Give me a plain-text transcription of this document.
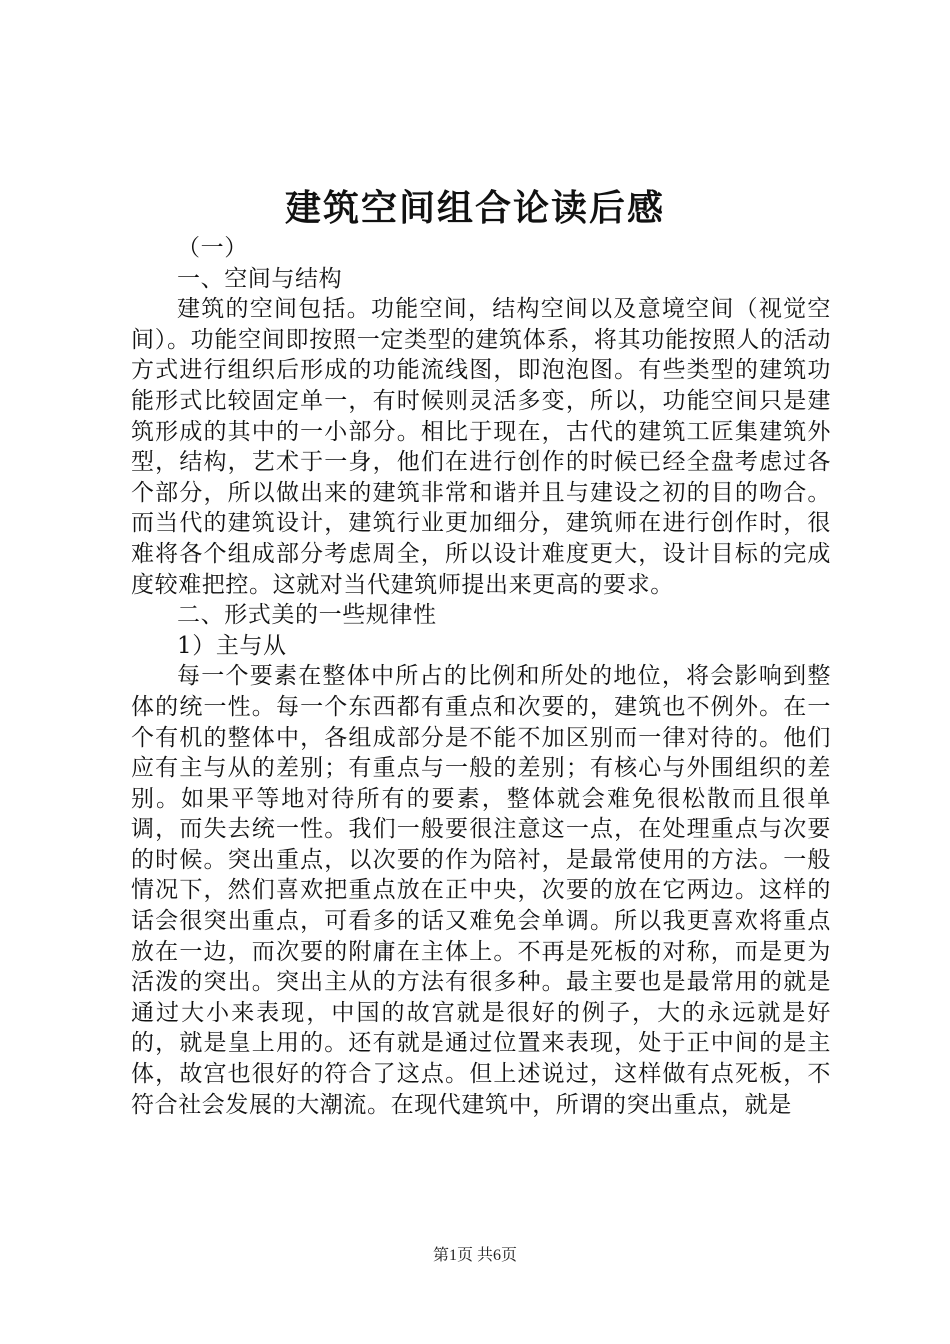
建筑空间组合论读后感

（一）

一、空间与结构

建筑的空间包括。功能空间，结构空间以及意境空间（视觉空间）。功能空间即按照一定类型的建筑体系，将其功能按照人的活动方式进行组织后形成的功能流线图，即泡泡图。有些类型的建筑功能形式比较固定单一，有时候则灵活多变，所以，功能空间只是建筑形成的其中的一小部分。相比于现在，古代的建筑工匠集建筑外型，结构，艺术于一身，他们在进行创作的时候已经全盘考虑过各个部分，所以做出来的建筑非常和谐并且与建设之初的目的吻合。而当代的建筑设计，建筑行业更加细分，建筑师在进行创作时，很难将各个组成部分考虑周全，所以设计难度更大，设计目标的完成度较难把控。这就对当代建筑师提出来更高的要求。

二、形式美的一些规律性

1）主与从

每一个要素在整体中所占的比例和所处的地位，将会影响到整体的统一性。每一个东西都有重点和次要的，建筑也不例外。在一个有机的整体中，各组成部分是不能不加区别而一律对待的。他们应有主与从的差别；有重点与一般的差别；有核心与外围组织的差别。如果平等地对待所有的要素，整体就会难免很松散而且很单调，而失去统一性。我们一般要很注意这一点，在处理重点与次要的时候。突出重点，以次要的作为陪衬，是最常使用的方法。一般情况下，然们喜欢把重点放在正中央，次要的放在它两边。这样的话会很突出重点，可看多的话又难免会单调。所以我更喜欢将重点放在一边，而次要的附庸在主体上。不再是死板的对称，而是更为活泼的突出。突出主从的方法有很多种。最主要也是最常用的就是通过大小来表现，中国的故宫就是很好的例子，大的永远就是好的，就是皇上用的。还有就是通过位置来表现，处于正中间的是主体，故宫也很好的符合了这点。但上述说过，这样做有点死板，不符合社会发展的大潮流。在现代建筑中，所谓的突出重点，就是

第1页 共6页
